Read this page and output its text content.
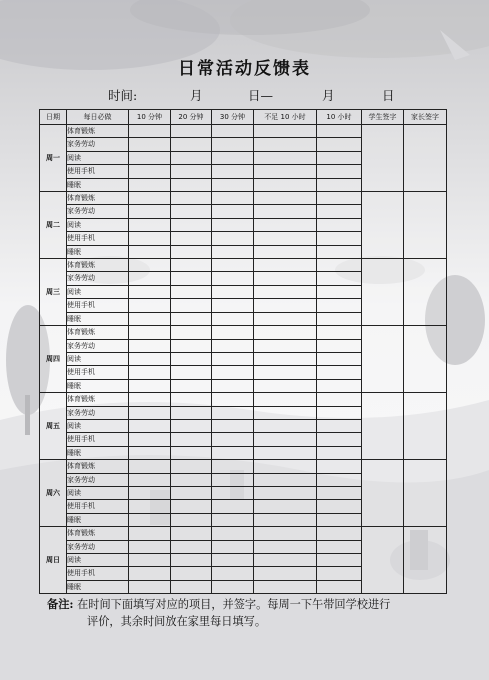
日常活动反馈表
时间:	月	日—	月	日
日期	每日必做	10 分钟	20 分钟	30 分钟	不足 10 小时	10 小时	学生签字	家长签字
周一	体育锻炼							
	家务劳动							
	阅读							
	使用手机							
	睡眠							
周二	体育锻炼							
	家务劳动							
	阅读							
	使用手机							
	睡眠							
周三	体育锻炼							
	家务劳动							
	阅读							
	使用手机							
	睡眠							
周四	体育锻炼							
	家务劳动							
	阅读							
	使用手机							
	睡眠							
周五	体育锻炼							
	家务劳动							
	阅读							
	使用手机							
	睡眠							
周六	体育锻炼							
	家务劳动							
	阅读							
	使用手机							
	睡眠							
周日	体育锻炼							
	家务劳动							
	阅读							
	使用手机							
	睡眠							
备注: 在时间下面填写对应的项目，并签字。每周一下午带回学校进行
评价，其余时间放在家里每日填写。
